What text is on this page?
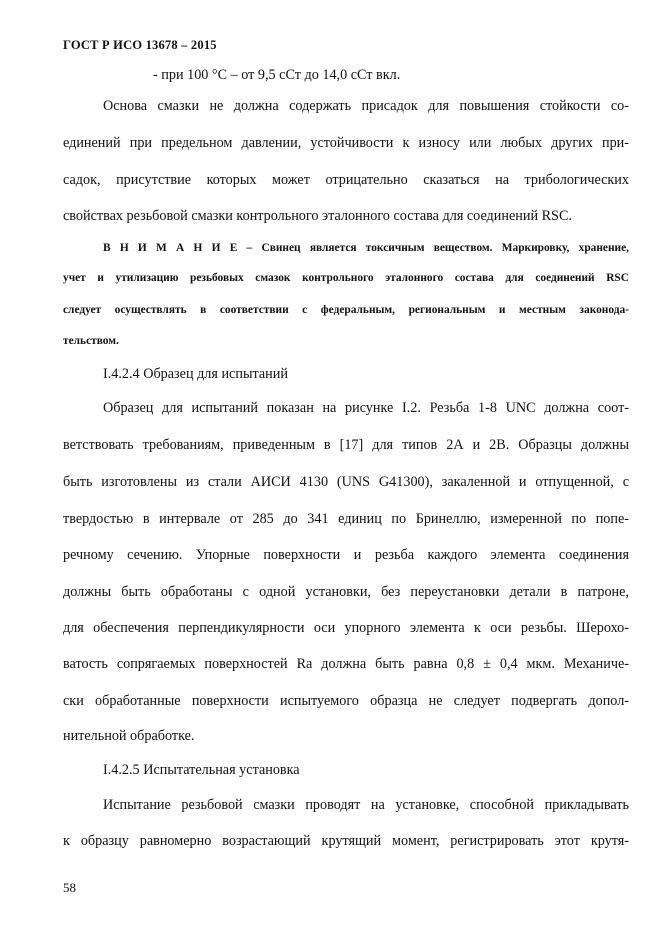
ГОСТ Р ИСО 13678 – 2015
- при 100 °С – от 9,5 сСт до 14,0 сСт вкл.
Основа смазки не должна содержать присадок для повышения стойкости со-
единений при предельном давлении, устойчивости к износу или любых других при-
садок, присутствие которых может отрицательно сказаться на трибологических
свойствах резьбовой смазки контрольного эталонного состава для соединений RSC.
В Н И М А Н И Е – Свинец является токсичным веществом. Маркировку, хранение,
учет и утилизацию резьбовых смазок контрольного эталонного состава для соединений RSC
следует осуществлять в соответствии с федеральным, региональным и местным законода-
тельством.
I.4.2.4 Образец для испытаний
Образец для испытаний показан на рисунке I.2. Резьба 1-8 UNC должна соот-
ветствовать требованиям, приведенным в [17] для типов 2А и 2В. Образцы должны
быть изготовлены из стали АИСИ 4130 (UNS G41300), закаленной и отпущенной, с
твердостью в интервале от 285 до 341 единиц по Бринеллю, измеренной по попе-
речному сечению. Упорные поверхности и резьба каждого элемента соединения
должны быть обработаны с одной установки, без переустановки детали в патроне,
для обеспечения перпендикулярности оси упорного элемента к оси резьбы. Шерохо-
ватость сопрягаемых поверхностей Ra должна быть равна 0,8 ± 0,4 мкм. Механиче-
ски обработанные поверхности испытуемого образца не следует подвергать допол-
нительной обработке.
I.4.2.5 Испытательная установка
Испытание резьбовой смазки проводят на установке, способной прикладывать
к образцу равномерно возрастающий крутящий момент, регистрировать этот крутя-
58
